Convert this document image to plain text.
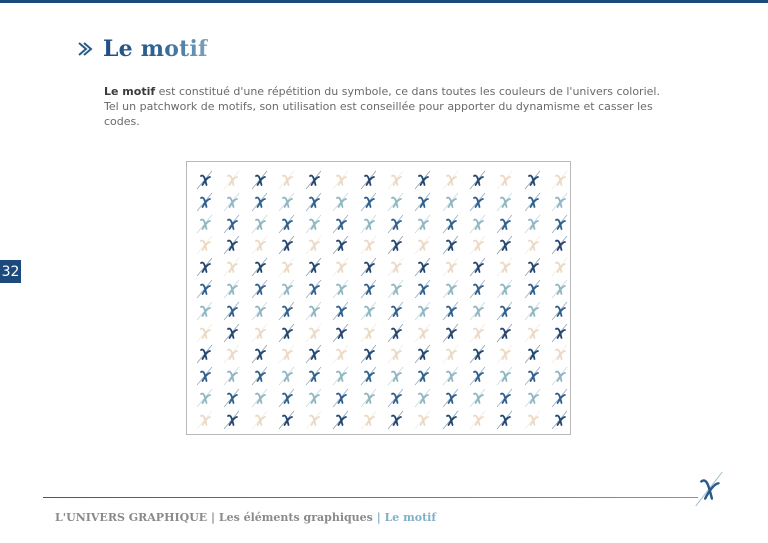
Le motif
Le motif est constitué d'une répétition du symbole, ce dans toutes les couleurs de l'univers coloriel. Tel un patchwork de motifs, son utilisation est conseillée pour apporter du dynamisme et casser les codes.
32
L'UNIVERS GRAPHIQUE | Les éléments graphiques | Le motif
